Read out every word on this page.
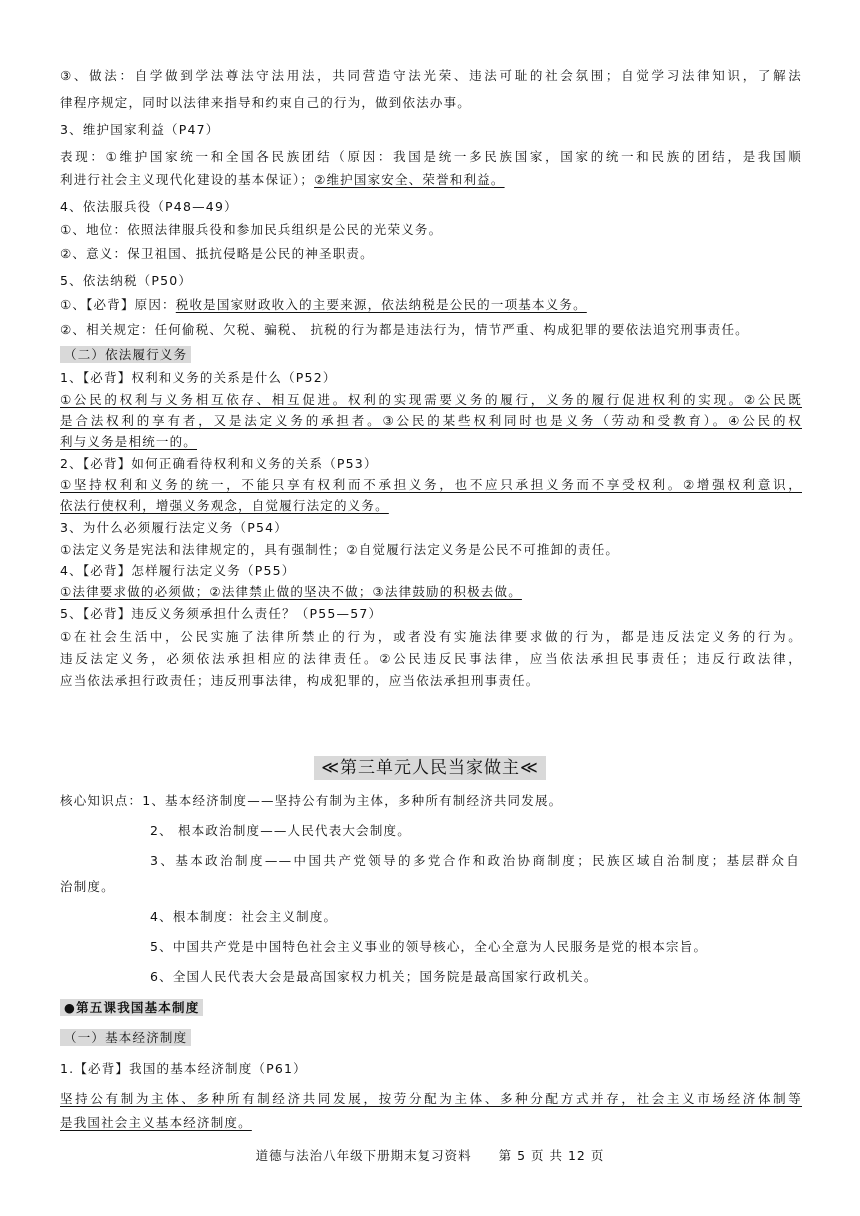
③、做法：自学做到学法尊法守法用法，共同营造守法光荣、违法可耻的社会氛围；自觉学习法律知识，了解法
律程序规定，同时以法律来指导和约束自己的行为，做到依法办事。
3、维护国家利益（P47）
表现：①维护国家统一和全国各民族团结（原因：我国是统一多民族国家，国家的统一和民族的团结，是我国顺
利进行社会主义现代化建设的基本保证）；②维护国家安全、荣誉和利益。
4、依法服兵役（P48—49）
①、地位：依照法律服兵役和参加民兵组织是公民的光荣义务。
②、意义：保卫祖国、抵抗侵略是公民的神圣职责。
5、依法纳税（P50）
①、【必背】原因：税收是国家财政收入的主要来源，依法纳税是公民的一项基本义务。
②、相关规定：任何偷税、欠税、骗税、 抗税的行为都是违法行为，情节严重、构成犯罪的要依法追究刑事责任。
（二）依法履行义务
1、【必背】权利和义务的关系是什么（P52）
①公民的权利与义务相互依存、相互促进。权利的实现需要义务的履行，义务的履行促进权利的实现。②公民既
是合法权利的享有者，又是法定义务的承担者。③公民的某些权利同时也是义务（劳动和受教育）。④公民的权
利与义务是相统一的。
2、【必背】如何正确看待权利和义务的关系（P53）
①坚持权利和义务的统一，不能只享有权利而不承担义务，也不应只承担义务而不享受权利。②增强权利意识，
依法行使权利，增强义务观念，自觉履行法定的义务。
3、为什么必须履行法定义务（P54）
①法定义务是宪法和法律规定的，具有强制性；②自觉履行法定义务是公民不可推卸的责任。
4、【必背】怎样履行法定义务（P55）
①法律要求做的必须做；②法律禁止做的坚决不做；③法律鼓励的积极去做。
5、【必背】违反义务须承担什么责任？（P55—57）
①在社会生活中，公民实施了法律所禁止的行为，或者没有实施法律要求做的行为，都是违反法定义务的行为。
违反法定义务，必须依法承担相应的法律责任。②公民违反民事法律，应当依法承担民事责任；违反行政法律，
应当依法承担行政责任；违反刑事法律，构成犯罪的，应当依法承担刑事责任。
≪第三单元人民当家做主≪
核心知识点：1、基本经济制度——坚持公有制为主体，多种所有制经济共同发展。
2、 根本政治制度——人民代表大会制度。
3、基本政治制度——中国共产党领导的多党合作和政治协商制度；民族区域自治制度；基层群众自
治制度。
4、根本制度：社会主义制度。
5、中国共产党是中国特色社会主义事业的领导核心，全心全意为人民服务是党的根本宗旨。
6、全国人民代表大会是最高国家权力机关；国务院是最高国家行政机关。
●第五课我国基本制度
（一）基本经济制度
1.【必背】我国的基本经济制度（P61）
坚持公有制为主体、多种所有制经济共同发展，按劳分配为主体、多种分配方式并存，社会主义市场经济体制等
是我国社会主义基本经济制度。
道德与法治八年级下册期末复习资料　　第 5 页 共 12 页
